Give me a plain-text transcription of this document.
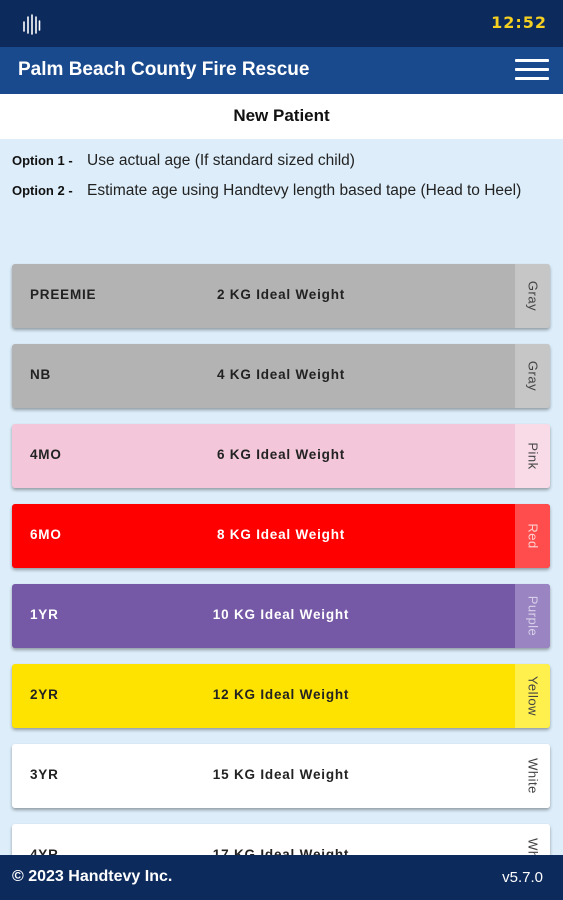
12:52
Palm Beach County Fire Rescue
New Patient
Option 1 - Use actual age (If standard sized child)
Option 2 - Estimate age using Handtevy length based tape (Head to Heel)
PREEMIE	2 KG Ideal Weight	Gray
NB	4 KG Ideal Weight	Gray
4MO	6 KG Ideal Weight	Pink
6MO	8 KG Ideal Weight	Red
1YR	10 KG Ideal Weight	Purple
2YR	12 KG Ideal Weight	Yellow
3YR	15 KG Ideal Weight	White
© 2023 Handtevy Inc.	v5.7.0
